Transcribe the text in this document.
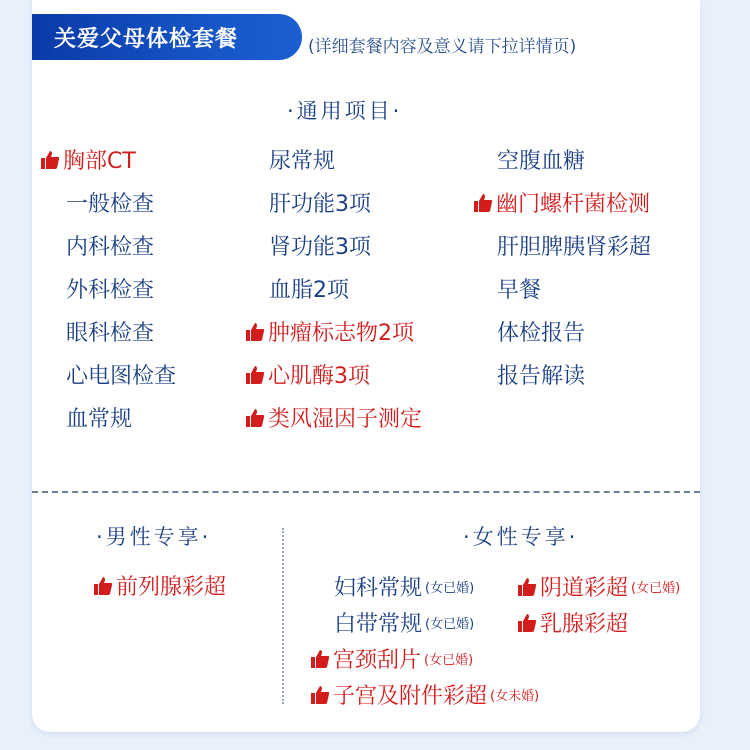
关爱父母体检套餐	(详细套餐内容及意义请下拉详情页)
·通用项目·
胸部CT
一般检查
内科检查
外科检查
眼科检查
心电图检查
血常规
尿常规
肝功能3项
肾功能3项
血脂2项
肿瘤标志物2项
心肌酶3项
类风湿因子测定
空腹血糖
幽门螺杆菌检测
肝胆脾胰肾彩超
早餐
体检报告
报告解读
·男性专享·
前列腺彩超
·女性专享·
妇科常规 (女已婚)	阴道彩超 (女已婚)
白带常规 (女已婚)	乳腺彩超
宫颈刮片 (女已婚)
子宫及附件彩超 (女未婚)
